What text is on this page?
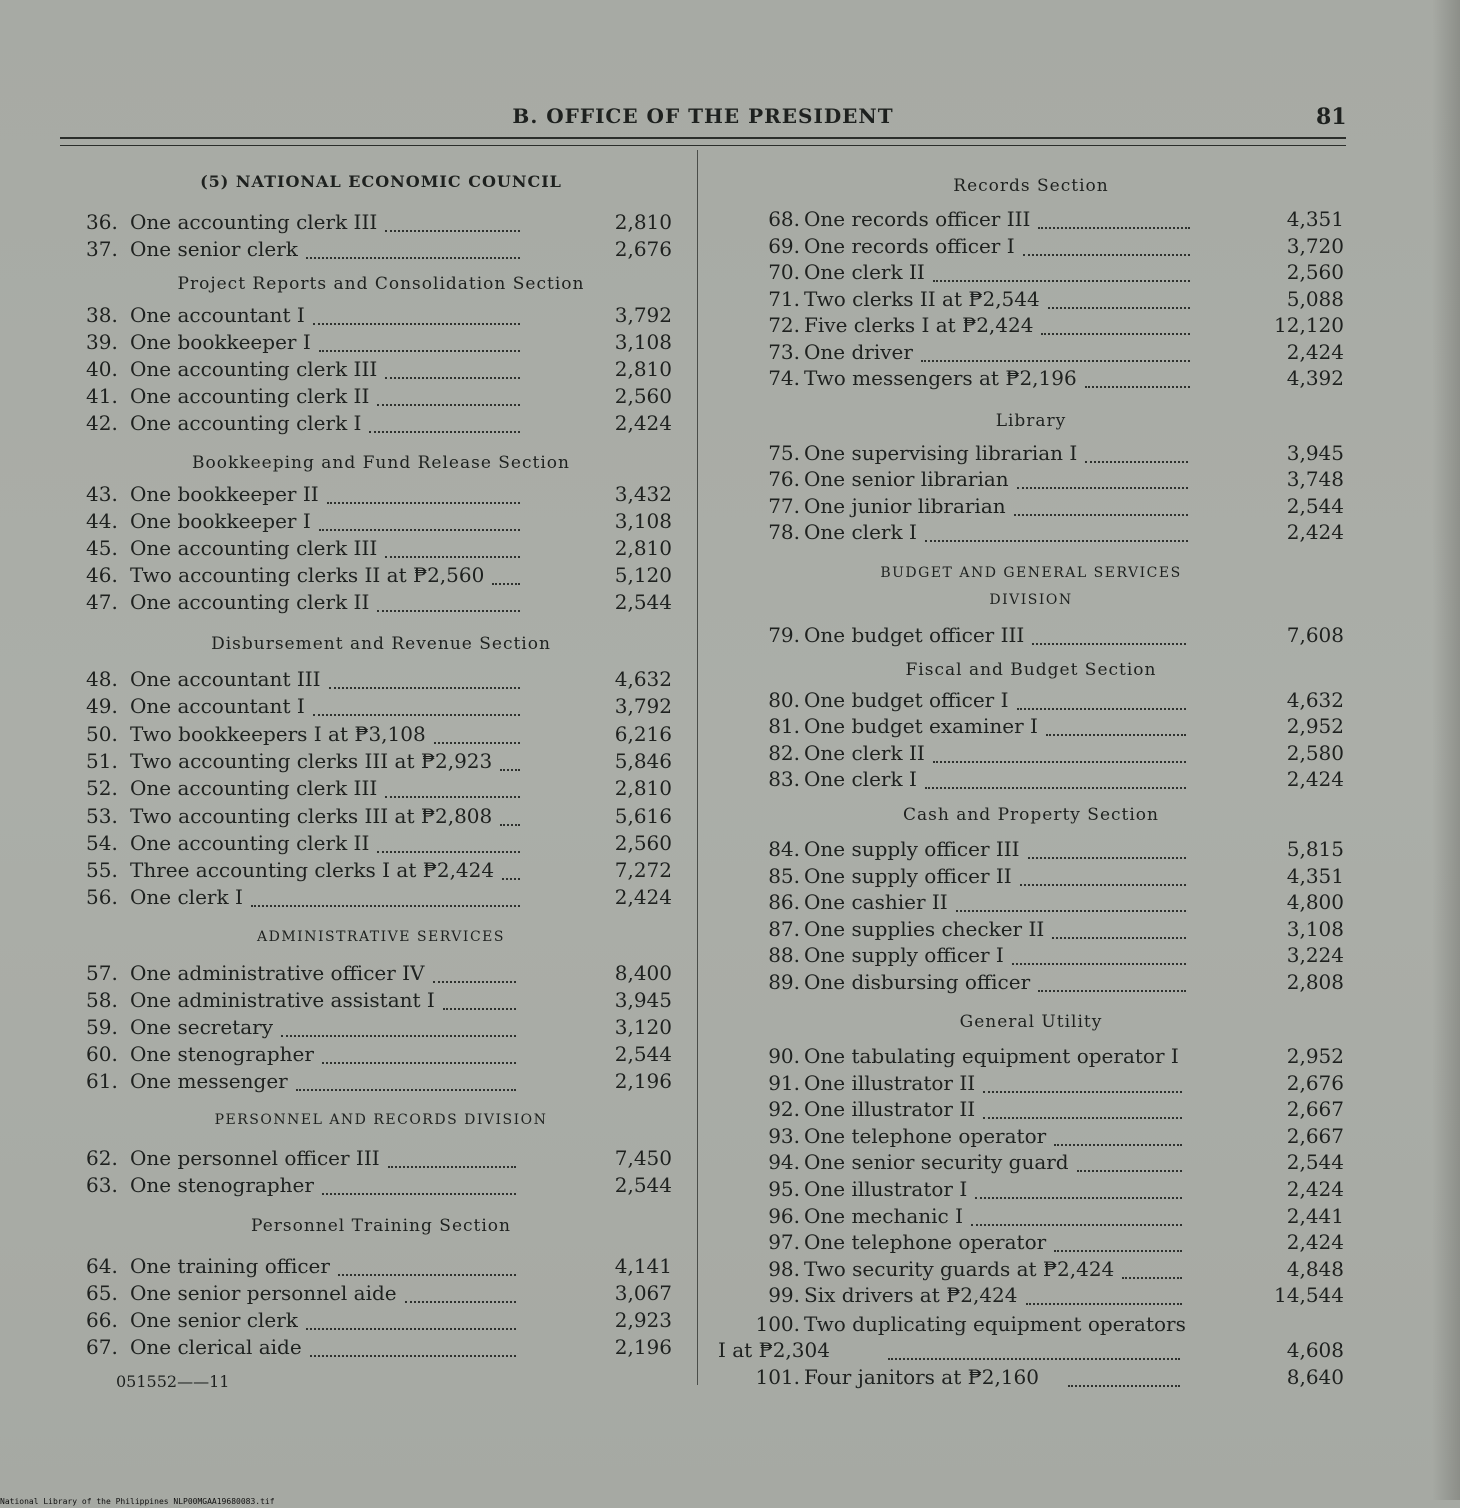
B. OFFICE OF THE PRESIDENT	81
(5) NATIONAL ECONOMIC COUNCIL
36. One accounting clerk III	2,810
37. One senior clerk	2,676
Project Reports and Consolidation Section
38. One accountant I	3,792
39. One bookkeeper I	3,108
40. One accounting clerk III	2,810
41. One accounting clerk II	2,560
42. One accounting clerk I	2,424
Bookkeeping and Fund Release Section
43. One bookkeeper II	3,432
44. One bookkeeper I	3,108
45. One accounting clerk III	2,810
46. Two accounting clerks II at ₱2,560	5,120
47. One accounting clerk II	2,544
Disbursement and Revenue Section
48. One accountant III	4,632
49. One accountant I	3,792
50. Two bookkeepers I at ₱3,108	6,216
51. Two accounting clerks III at ₱2,923	5,846
52. One accounting clerk III	2,810
53. Two accounting clerks III at ₱2,808	5,616
54. One accounting clerk II	2,560
55. Three accounting clerks I at ₱2,424	7,272
56. One clerk I	2,424
ADMINISTRATIVE SERVICES
57. One administrative officer IV	8,400
58. One administrative assistant I	3,945
59. One secretary	3,120
60. One stenographer	2,544
61. One messenger	2,196
PERSONNEL AND RECORDS DIVISION
62. One personnel officer III	7,450
63. One stenographer	2,544
Personnel Training Section
64. One training officer	4,141
65. One senior personnel aide	3,067
66. One senior clerk	2,923
67. One clerical aide	2,196
Records Section
68. One records officer III	4,351
69. One records officer I	3,720
70. One clerk II	2,560
71. Two clerks II at ₱2,544	5,088
72. Five clerks I at ₱2,424	12,120
73. One driver	2,424
74. Two messengers at ₱2,196	4,392
Library
75. One supervising librarian I	3,945
76. One senior librarian	3,748
77. One junior librarian	2,544
78. One clerk I	2,424
BUDGET AND GENERAL SERVICES
DIVISION
79. One budget officer III	7,608
Fiscal and Budget Section
80. One budget officer I	4,632
81. One budget examiner I	2,952
82. One clerk II	2,580
83. One clerk I	2,424
Cash and Property Section
84. One supply officer III	5,815
85. One supply officer II	4,351
86. One cashier II	4,800
87. One supplies checker II	3,108
88. One supply officer I	3,224
89. One disbursing officer	2,808
General Utility
90. One tabulating equipment operator I	2,952
91. One illustrator II	2,676
92. One illustrator II	2,667
93. One telephone operator	2,667
94. One senior security guard	2,544
95. One illustrator I	2,424
96. One mechanic I	2,441
97. One telephone operator	2,424
98. Two security guards at ₱2,424	4,848
99. Six drivers at ₱2,424	14,544
100. Two duplicating equipment operators
I at ₱2,304	4,608
101. Four janitors at ₱2,160	8,640
051552——11
National Library of the Philippines NLP00MGAA19680083.tif
